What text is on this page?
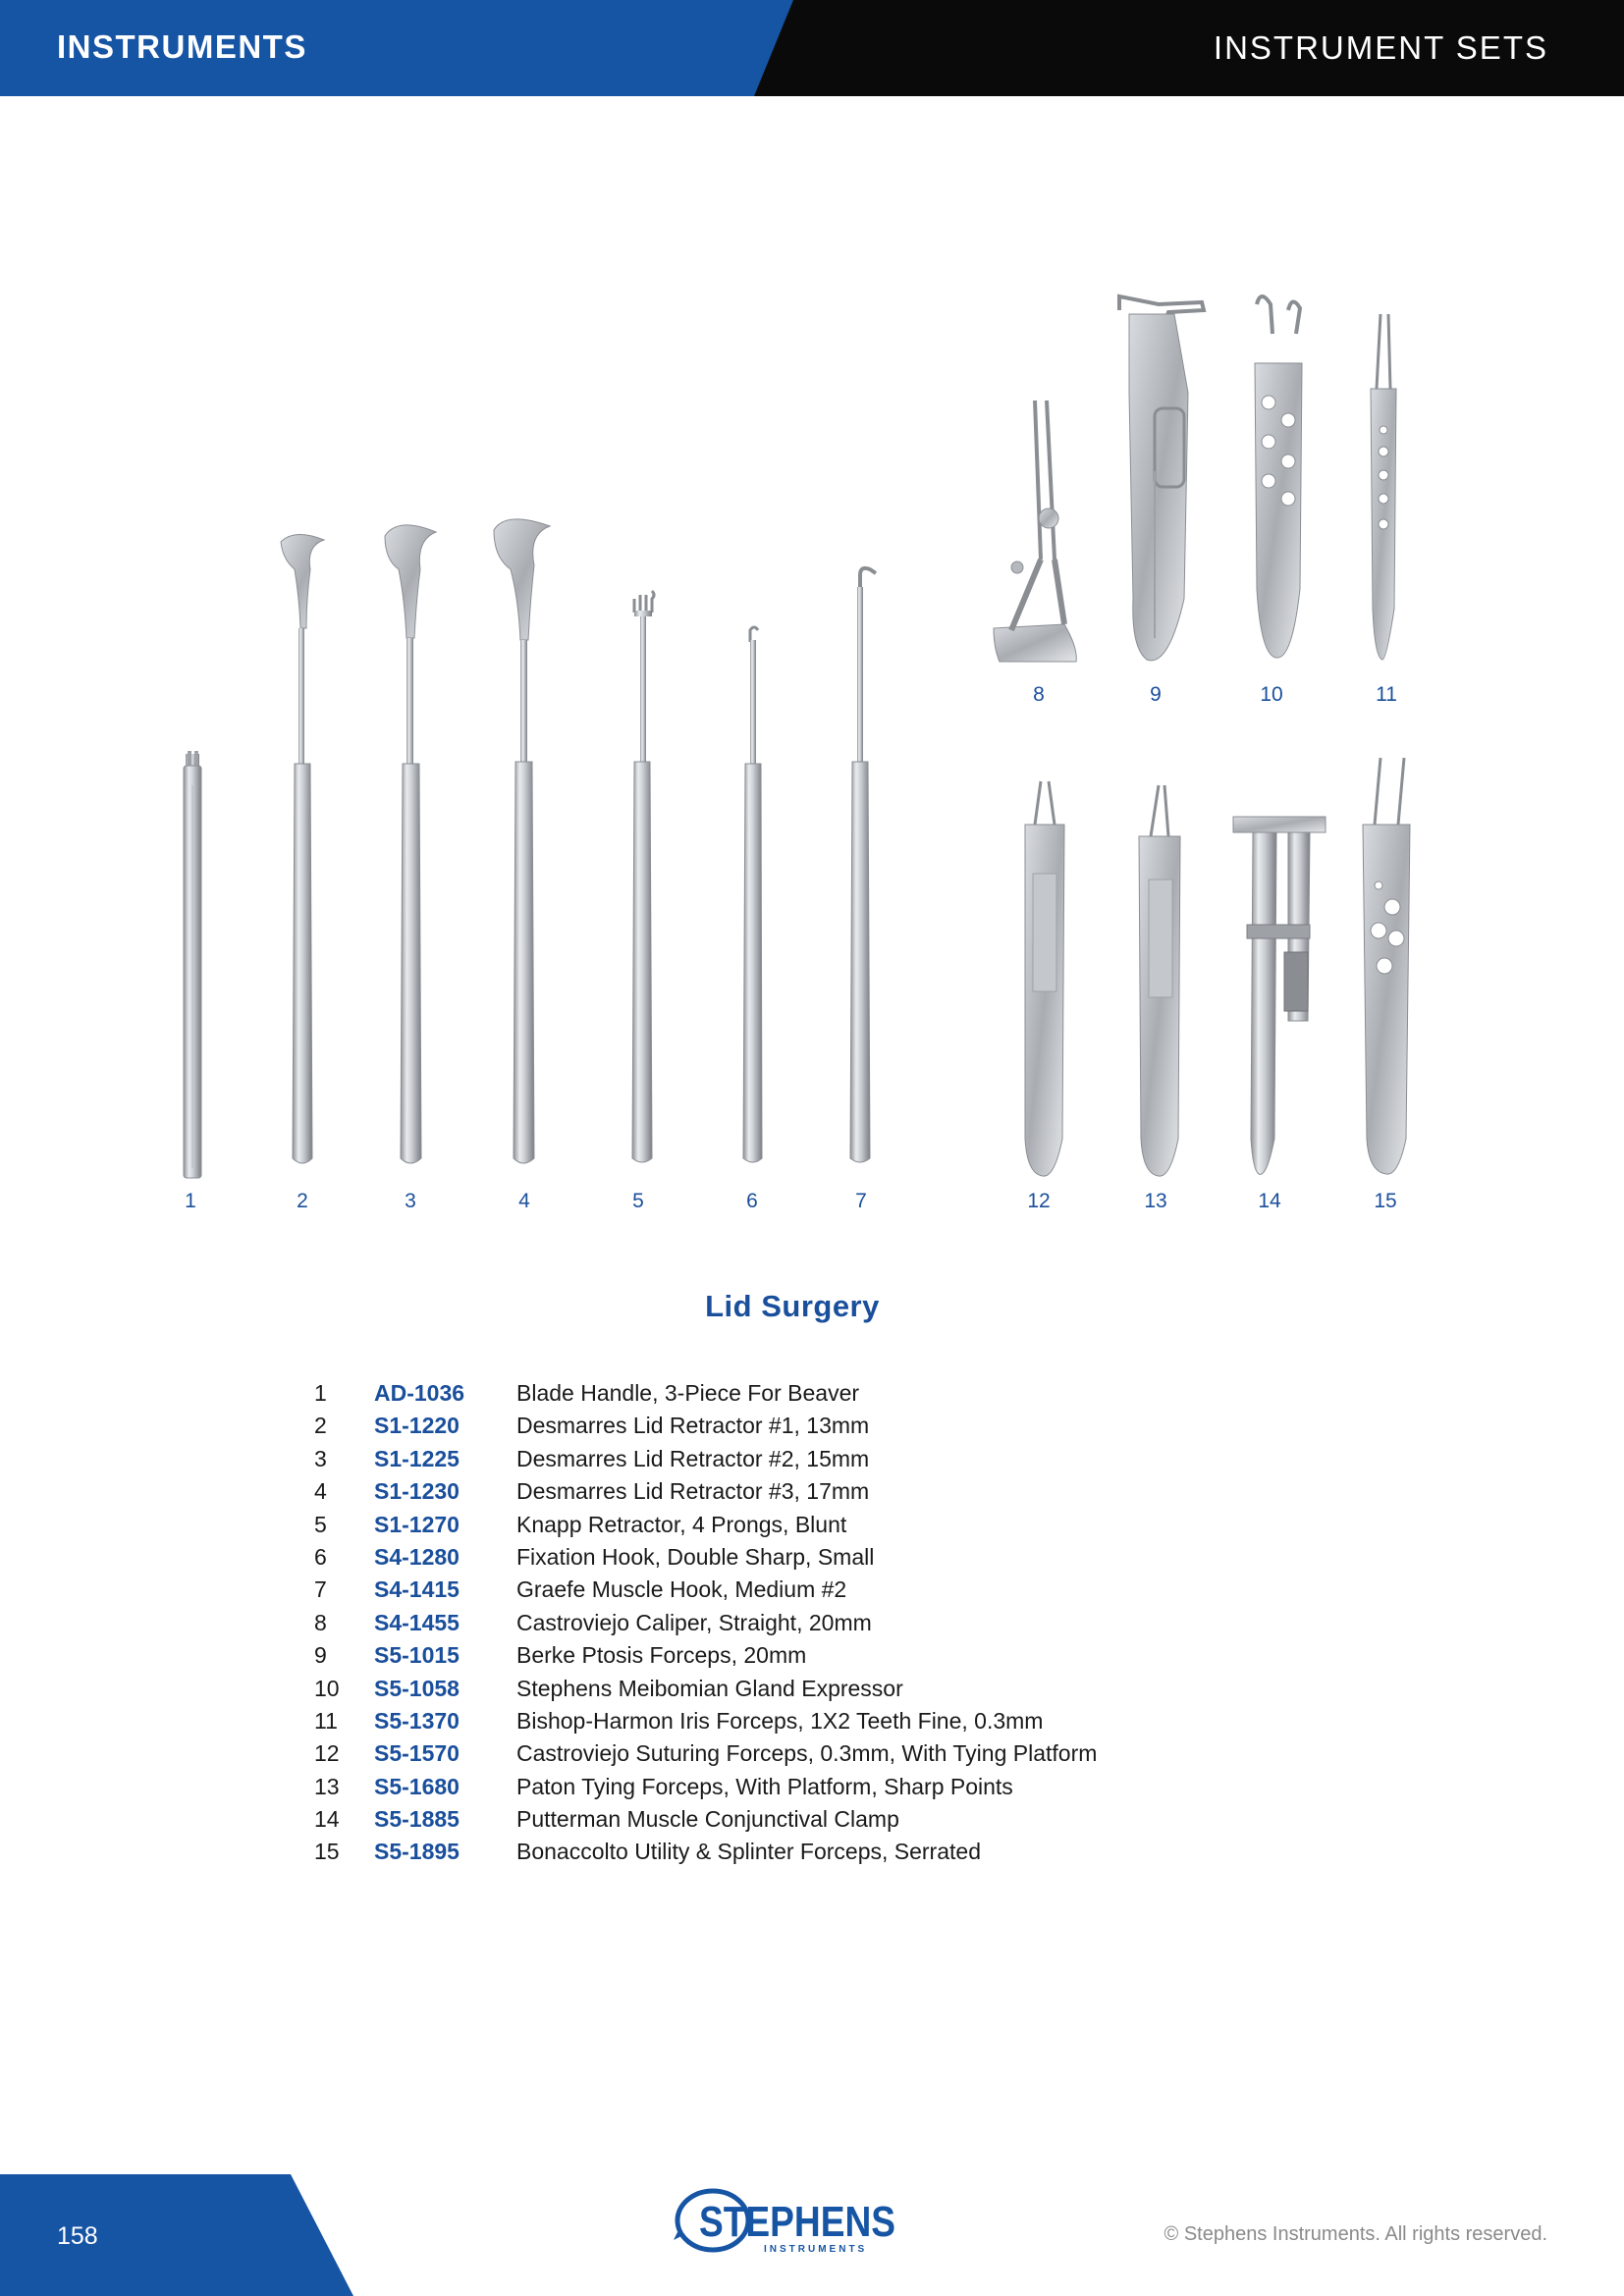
INSTRUMENTS	INSTRUMENT SETS
1	2	3	4	5	6	7
8	9	10	11
12	13	14	15
Lid Surgery
1	AD-1036 Blade Handle, 3-Piece For Beaver
2	S1-1220	Desmarres Lid Retractor #1, 13mm
3	S1-1225	Desmarres Lid Retractor #2, 15mm
4	S1-1230	Desmarres Lid Retractor #3, 17mm
5	S1-1270	Knapp Retractor, 4 Prongs, Blunt
6	S4-1280	Fixation Hook, Double Sharp, Small
7	S4-1415	Graefe Muscle Hook, Medium #2
8	S4-1455	Castroviejo Caliper, Straight, 20mm
9	S5-1015	Berke Ptosis Forceps, 20mm
10 S5-1058	Stephens Meibomian Gland Expressor
11 S5-1370	Bishop-Harmon Iris Forceps, 1X2 Teeth Fine, 0.3mm
12 S5-1570	Castroviejo Suturing Forceps, 0.3mm, With Tying Platform
13 S5-1680	Paton Tying Forceps, With Platform, Sharp Points
14 S5-1885	Putterman Muscle Conjunctival Clamp
15 S5-1895	Bonaccolto Utility & Splinter Forceps, Serrated
158	STEPHENS
INSTRUMENTS
© Stephens Instruments. All rights reserved.
